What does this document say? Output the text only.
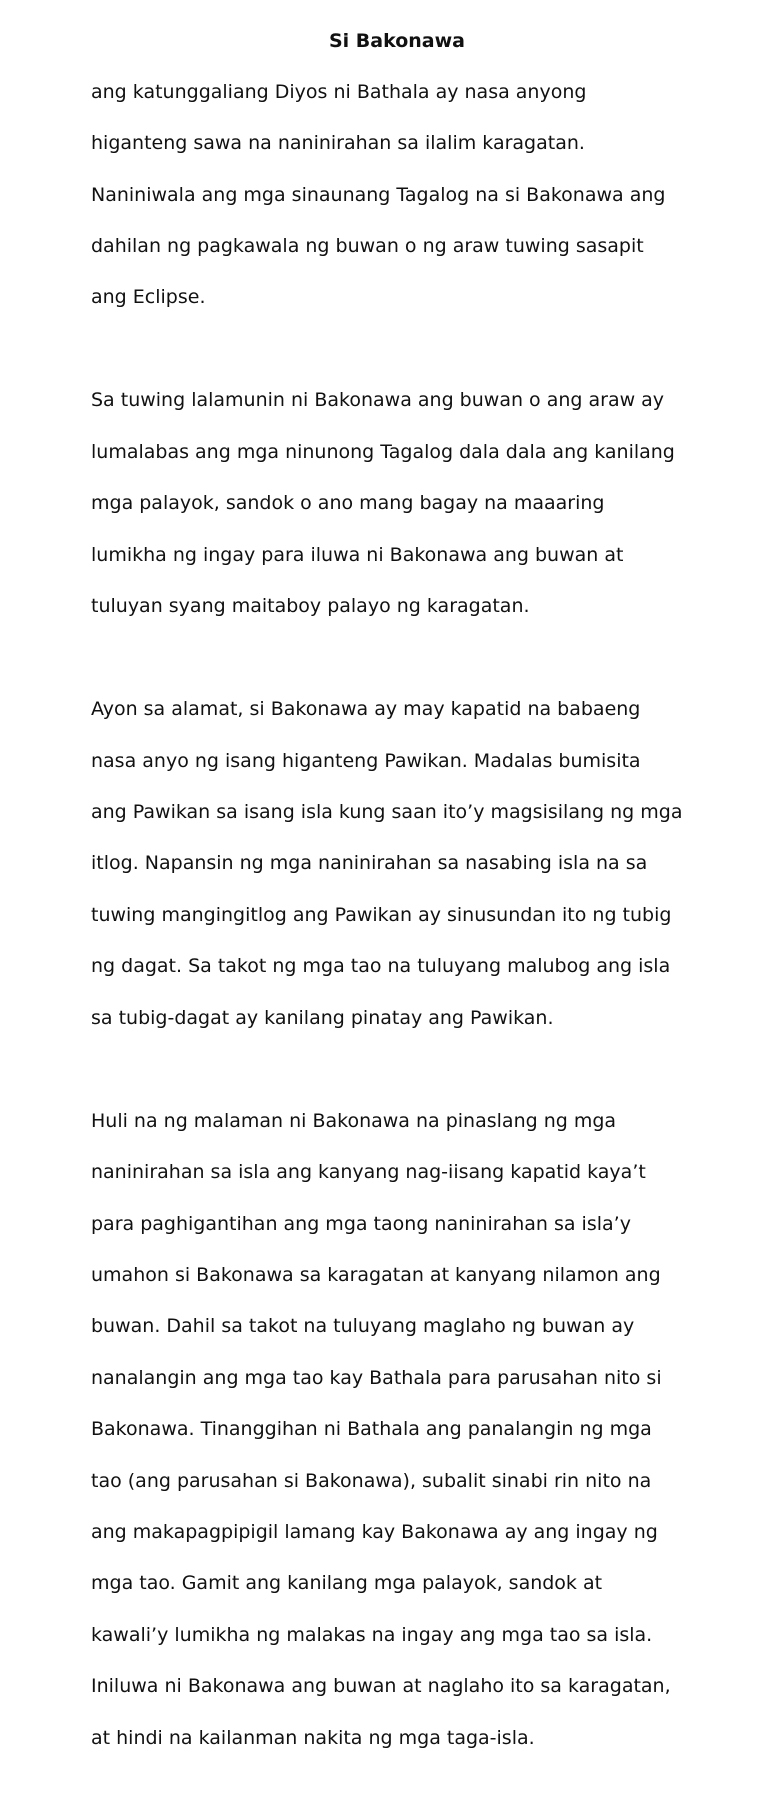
Si Bakonawa

ang katunggaliang Diyos ni Bathala ay nasa anyong

higanteng sawa na naninirahan sa ilalim karagatan.

Naniniwala ang mga sinaunang Tagalog na si Bakonawa ang

dahilan ng pagkawala ng buwan o ng araw tuwing sasapit

ang Eclipse.

Sa tuwing lalamunin ni Bakonawa ang buwan o ang araw ay

lumalabas ang mga ninunong Tagalog dala dala ang kanilang

mga palayok, sandok o ano mang bagay na maaaring

lumikha ng ingay para iluwa ni Bakonawa ang buwan at

tuluyan syang maitaboy palayo ng karagatan.

Ayon sa alamat, si Bakonawa ay may kapatid na babaeng

nasa anyo ng isang higanteng Pawikan. Madalas bumisita

ang Pawikan sa isang isla kung saan ito’y magsisilang ng mga

itlog. Napansin ng mga naninirahan sa nasabing isla na sa

tuwing mangingitlog ang Pawikan ay sinusundan ito ng tubig

ng dagat. Sa takot ng mga tao na tuluyang malubog ang isla

sa tubig-dagat ay kanilang pinatay ang Pawikan.

Huli na ng malaman ni Bakonawa na pinaslang ng mga

naninirahan sa isla ang kanyang nag-iisang kapatid kaya’t

para paghigantihan ang mga taong naninirahan sa isla’y

umahon si Bakonawa sa karagatan at kanyang nilamon ang

buwan. Dahil sa takot na tuluyang maglaho ng buwan ay

nanalangin ang mga tao kay Bathala para parusahan nito si

Bakonawa. Tinanggihan ni Bathala ang panalangin ng mga

tao (ang parusahan si Bakonawa), subalit sinabi rin nito na

ang makapagpipigil lamang kay Bakonawa ay ang ingay ng

mga tao. Gamit ang kanilang mga palayok, sandok at

kawali’y lumikha ng malakas na ingay ang mga tao sa isla.

Iniluwa ni Bakonawa ang buwan at naglaho ito sa karagatan,

at hindi na kailanman nakita ng mga taga-isla.
